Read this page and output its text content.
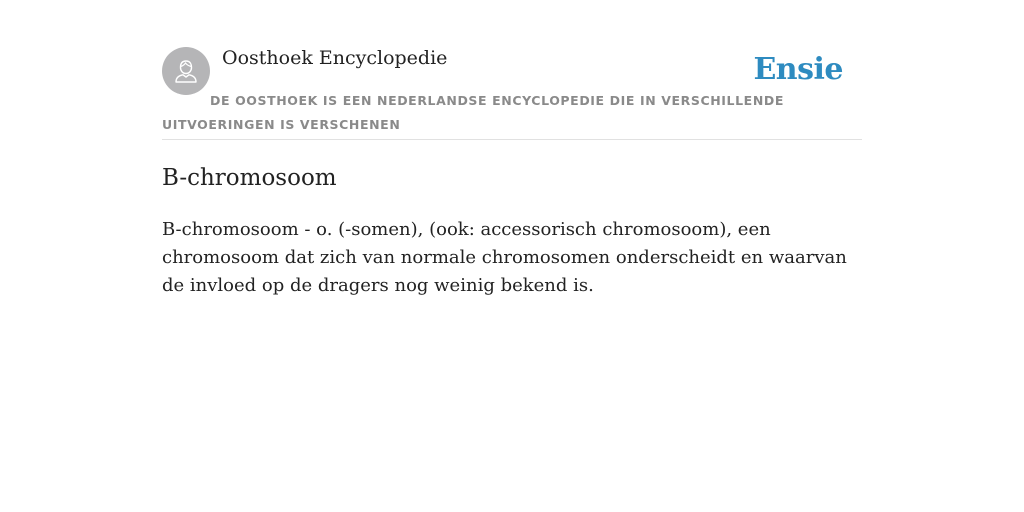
Oosthoek Encyclopedie	Ensie
DE OOSTHOEK IS EEN NEDERLANDSE ENCYCLOPEDIE DIE IN VERSCHILLENDE UITVOERINGEN IS VERSCHENEN
B-chromosoom

B-chromosoom - o. (-somen), (ook: accessorisch chromosoom), een chromosoom dat zich van normale chromosomen onderscheidt en waarvan de invloed op de dragers nog weinig bekend is.
